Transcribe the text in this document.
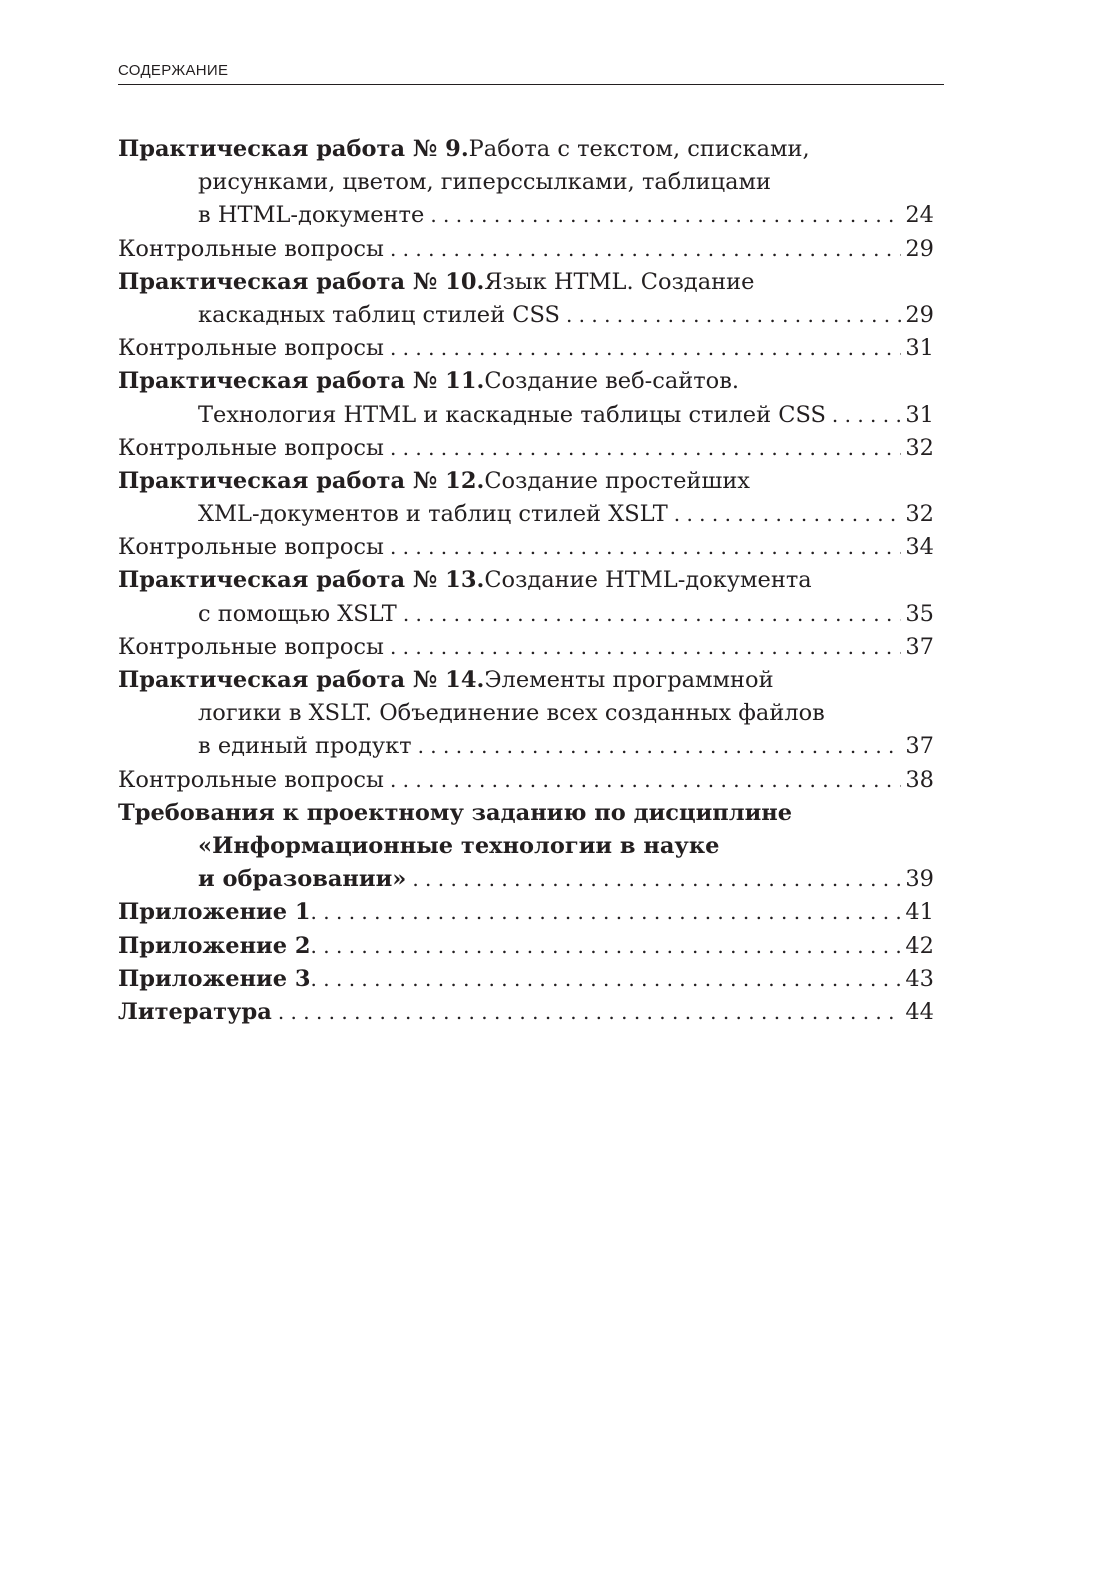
СОДЕРЖАНИЕ
Практическая работа № 9. Работа с текстом, списками,
рисунками, цветом, гиперссылками, таблицами
в HTML-документе . . .	24
Контрольные вопросы . . .	29
Практическая работа № 10. Язык HTML. Создание
каскадных таблиц стилей CSS . . .	29
Контрольные вопросы . . .	31
Практическая работа № 11. Создание веб-сайтов.
Технология HTML и каскадные таблицы стилей CSS . . .	31
Контрольные вопросы . . .	32
Практическая работа № 12. Создание простейших
XML-документов и таблиц стилей XSLT . . .	32
Контрольные вопросы . . .	34
Практическая работа № 13. Создание HTML-документа
с помощью XSLT . . .	35
Контрольные вопросы . . .	37
Практическая работа № 14. Элементы программной
логики в XSLT. Объединение всех созданных файлов
в единый продукт . . .	37
Контрольные вопросы . . .	38
Требования к проектному заданию по дисциплине
«Информационные технологии в науке
и образовании» . . .	39
Приложение 1 . . .	41
Приложение 2 . . .	42
Приложение 3 . . .	43
Литература . . .	44
